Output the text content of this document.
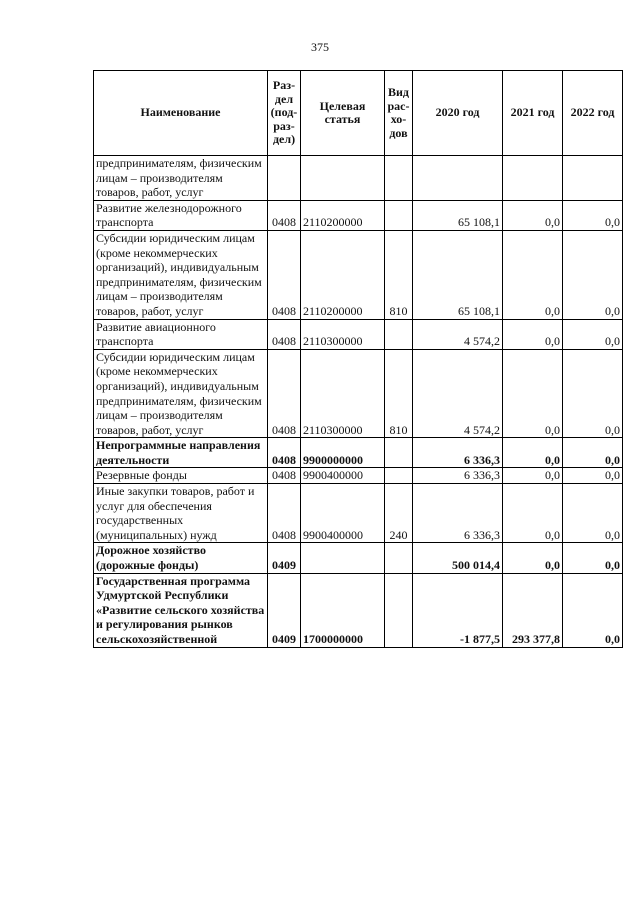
375
Наименование	Раз-дел (под-раз-дел)	Целевая статья	Вид рас-хо-дов	2020 год	2021 год	2022 год
предпринимателям, физическим лицам – производителям товаров, работ, услуг						
Развитие железнодорожного транспорта	0408	2110200000		65 108,1	0,0	0,0
Субсидии юридическим лицам (кроме некоммерческих организаций), индивидуальным предпринимателям, физическим лицам – производителям товаров, работ, услуг	0408	2110200000	810	65 108,1	0,0	0,0
Развитие авиационного транспорта	0408	2110300000		4 574,2	0,0	0,0
Субсидии юридическим лицам (кроме некоммерческих организаций), индивидуальным предпринимателям, физическим лицам – производителям товаров, работ, услуг	0408	2110300000	810	4 574,2	0,0	0,0
Непрограммные направления деятельности	0408	9900000000		6 336,3	0,0	0,0
Резервные фонды	0408	9900400000		6 336,3	0,0	0,0
Иные закупки товаров, работ и услуг для обеспечения государственных (муниципальных) нужд	0408	9900400000	240	6 336,3	0,0	0,0
Дорожное хозяйство (дорожные фонды)	0409			500 014,4	0,0	0,0
Государственная программа Удмуртской Республики «Развитие сельского хозяйства и регулирования рынков сельскохозяйственной	0409	1700000000		-1 877,5	293 377,8	0,0
